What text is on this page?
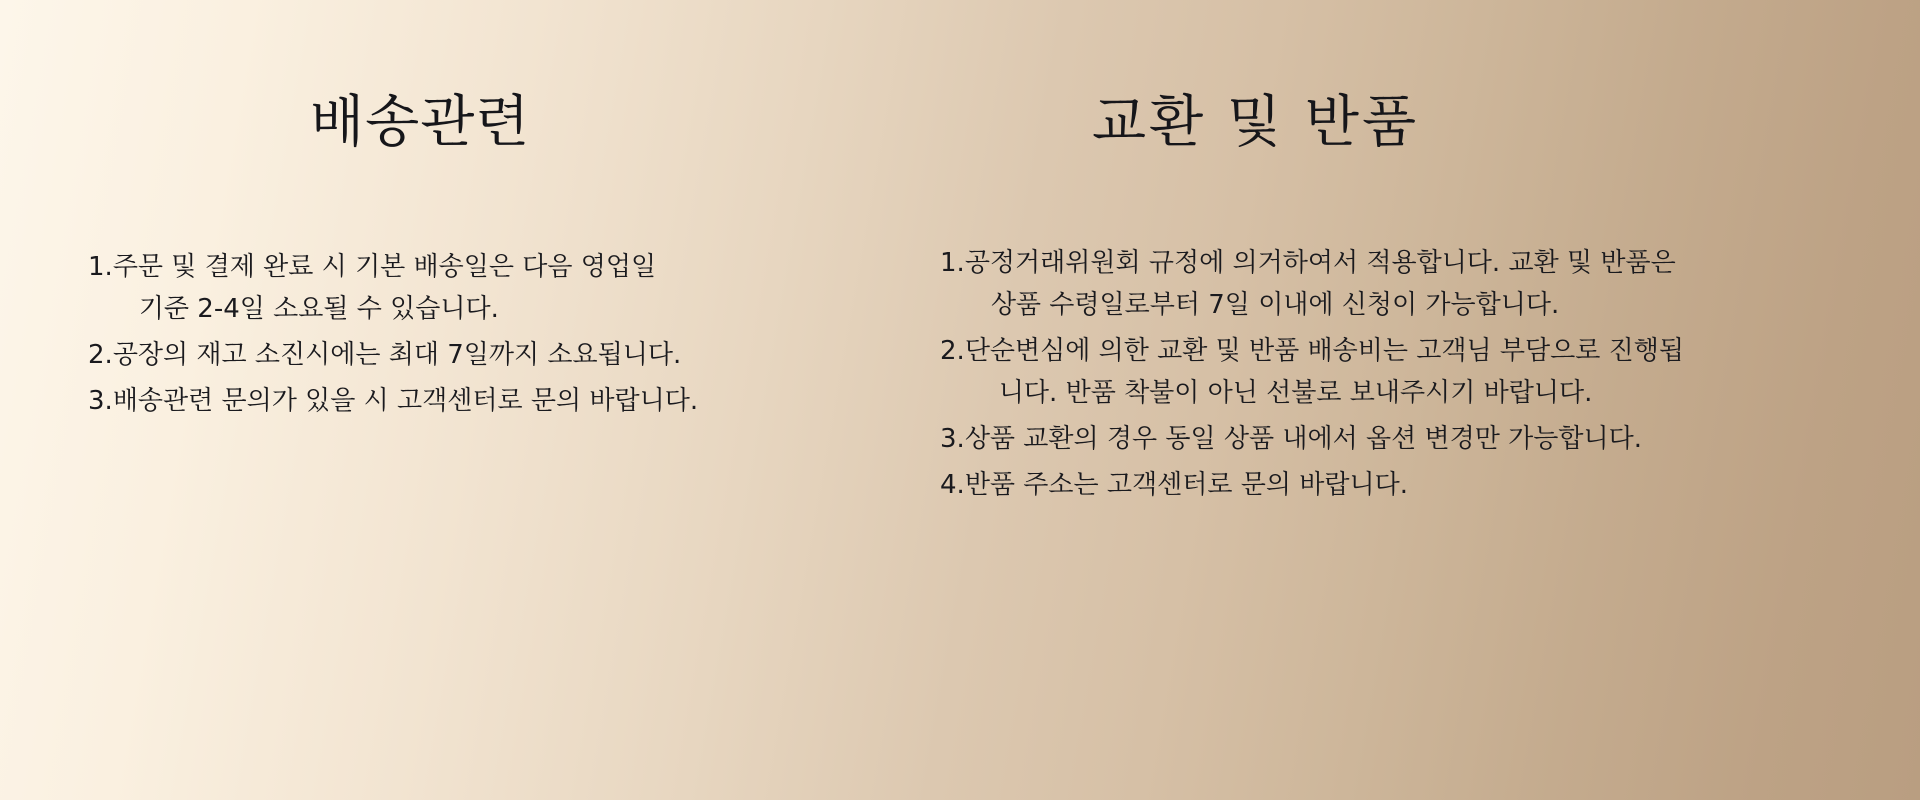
배송관련
1. 주문 및 결제 완료 시 기본 배송일은 다음 영업일
기준 2-4일 소요될 수 있습니다.
2. 공장의 재고 소진시에는 최대 7일까지 소요됩니다.
3. 배송관련 문의가 있을 시 고객센터로 문의 바랍니다.
교환 및 반품
1. 공정거래위원회 규정에 의거하여서 적용합니다. 교환 및 반품은
상품 수령일로부터 7일 이내에 신청이 가능합니다.
2. 단순변심에 의한 교환 및 반품 배송비는 고객님 부담으로 진행됩
니다. 반품 착불이 아닌 선불로 보내주시기 바랍니다.
3. 상품 교환의 경우 동일 상품 내에서 옵션 변경만 가능합니다.
4. 반품 주소는 고객센터로 문의 바랍니다.
